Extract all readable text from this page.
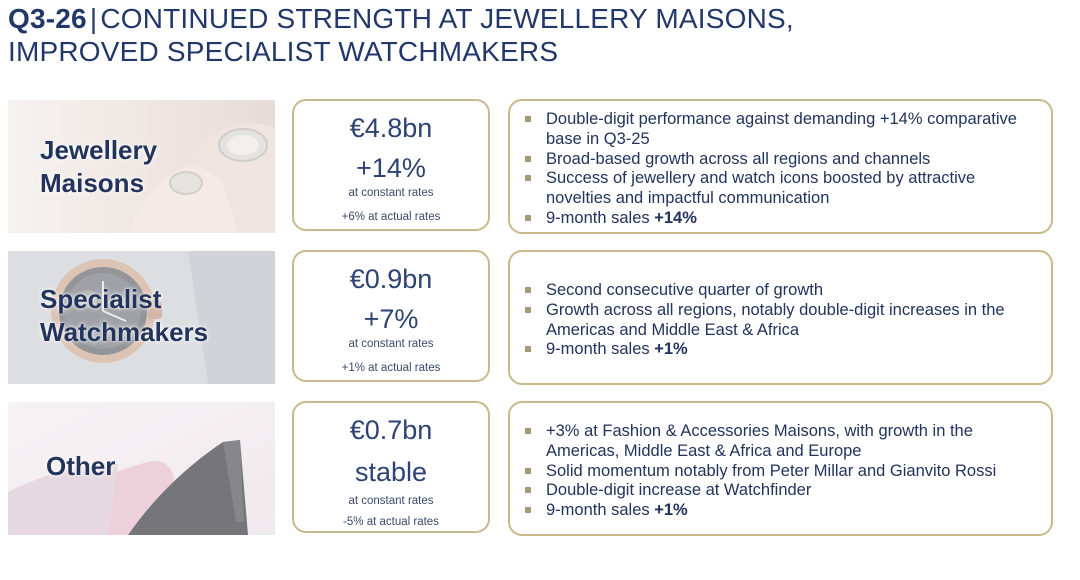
Q3-26 | CONTINUED STRENGTH AT JEWELLERY MAISONS,
IMPROVED SPECIALIST WATCHMAKERS
Jewellery
Maisons
€4.8bn
+14%
at constant rates
+6% at actual rates
Double-digit performance against demanding +14% comparative base in Q3-25
Broad-based growth across all regions and channels
Success of jewellery and watch icons boosted by attractive novelties and impactful communication
9-month sales +14%
Specialist
Watchmakers
€0.9bn
+7%
at constant rates
+1% at actual rates
Second consecutive quarter of growth
Growth across all regions, notably double-digit increases in the Americas and Middle East & Africa
9-month sales +1%
Other
€0.7bn
stable
at constant rates
-5% at actual rates
+3% at Fashion & Accessories Maisons, with growth in the Americas, Middle East & Africa and Europe
Solid momentum notably from Peter Millar and Gianvito Rossi
Double-digit increase at Watchfinder
9-month sales +1%
